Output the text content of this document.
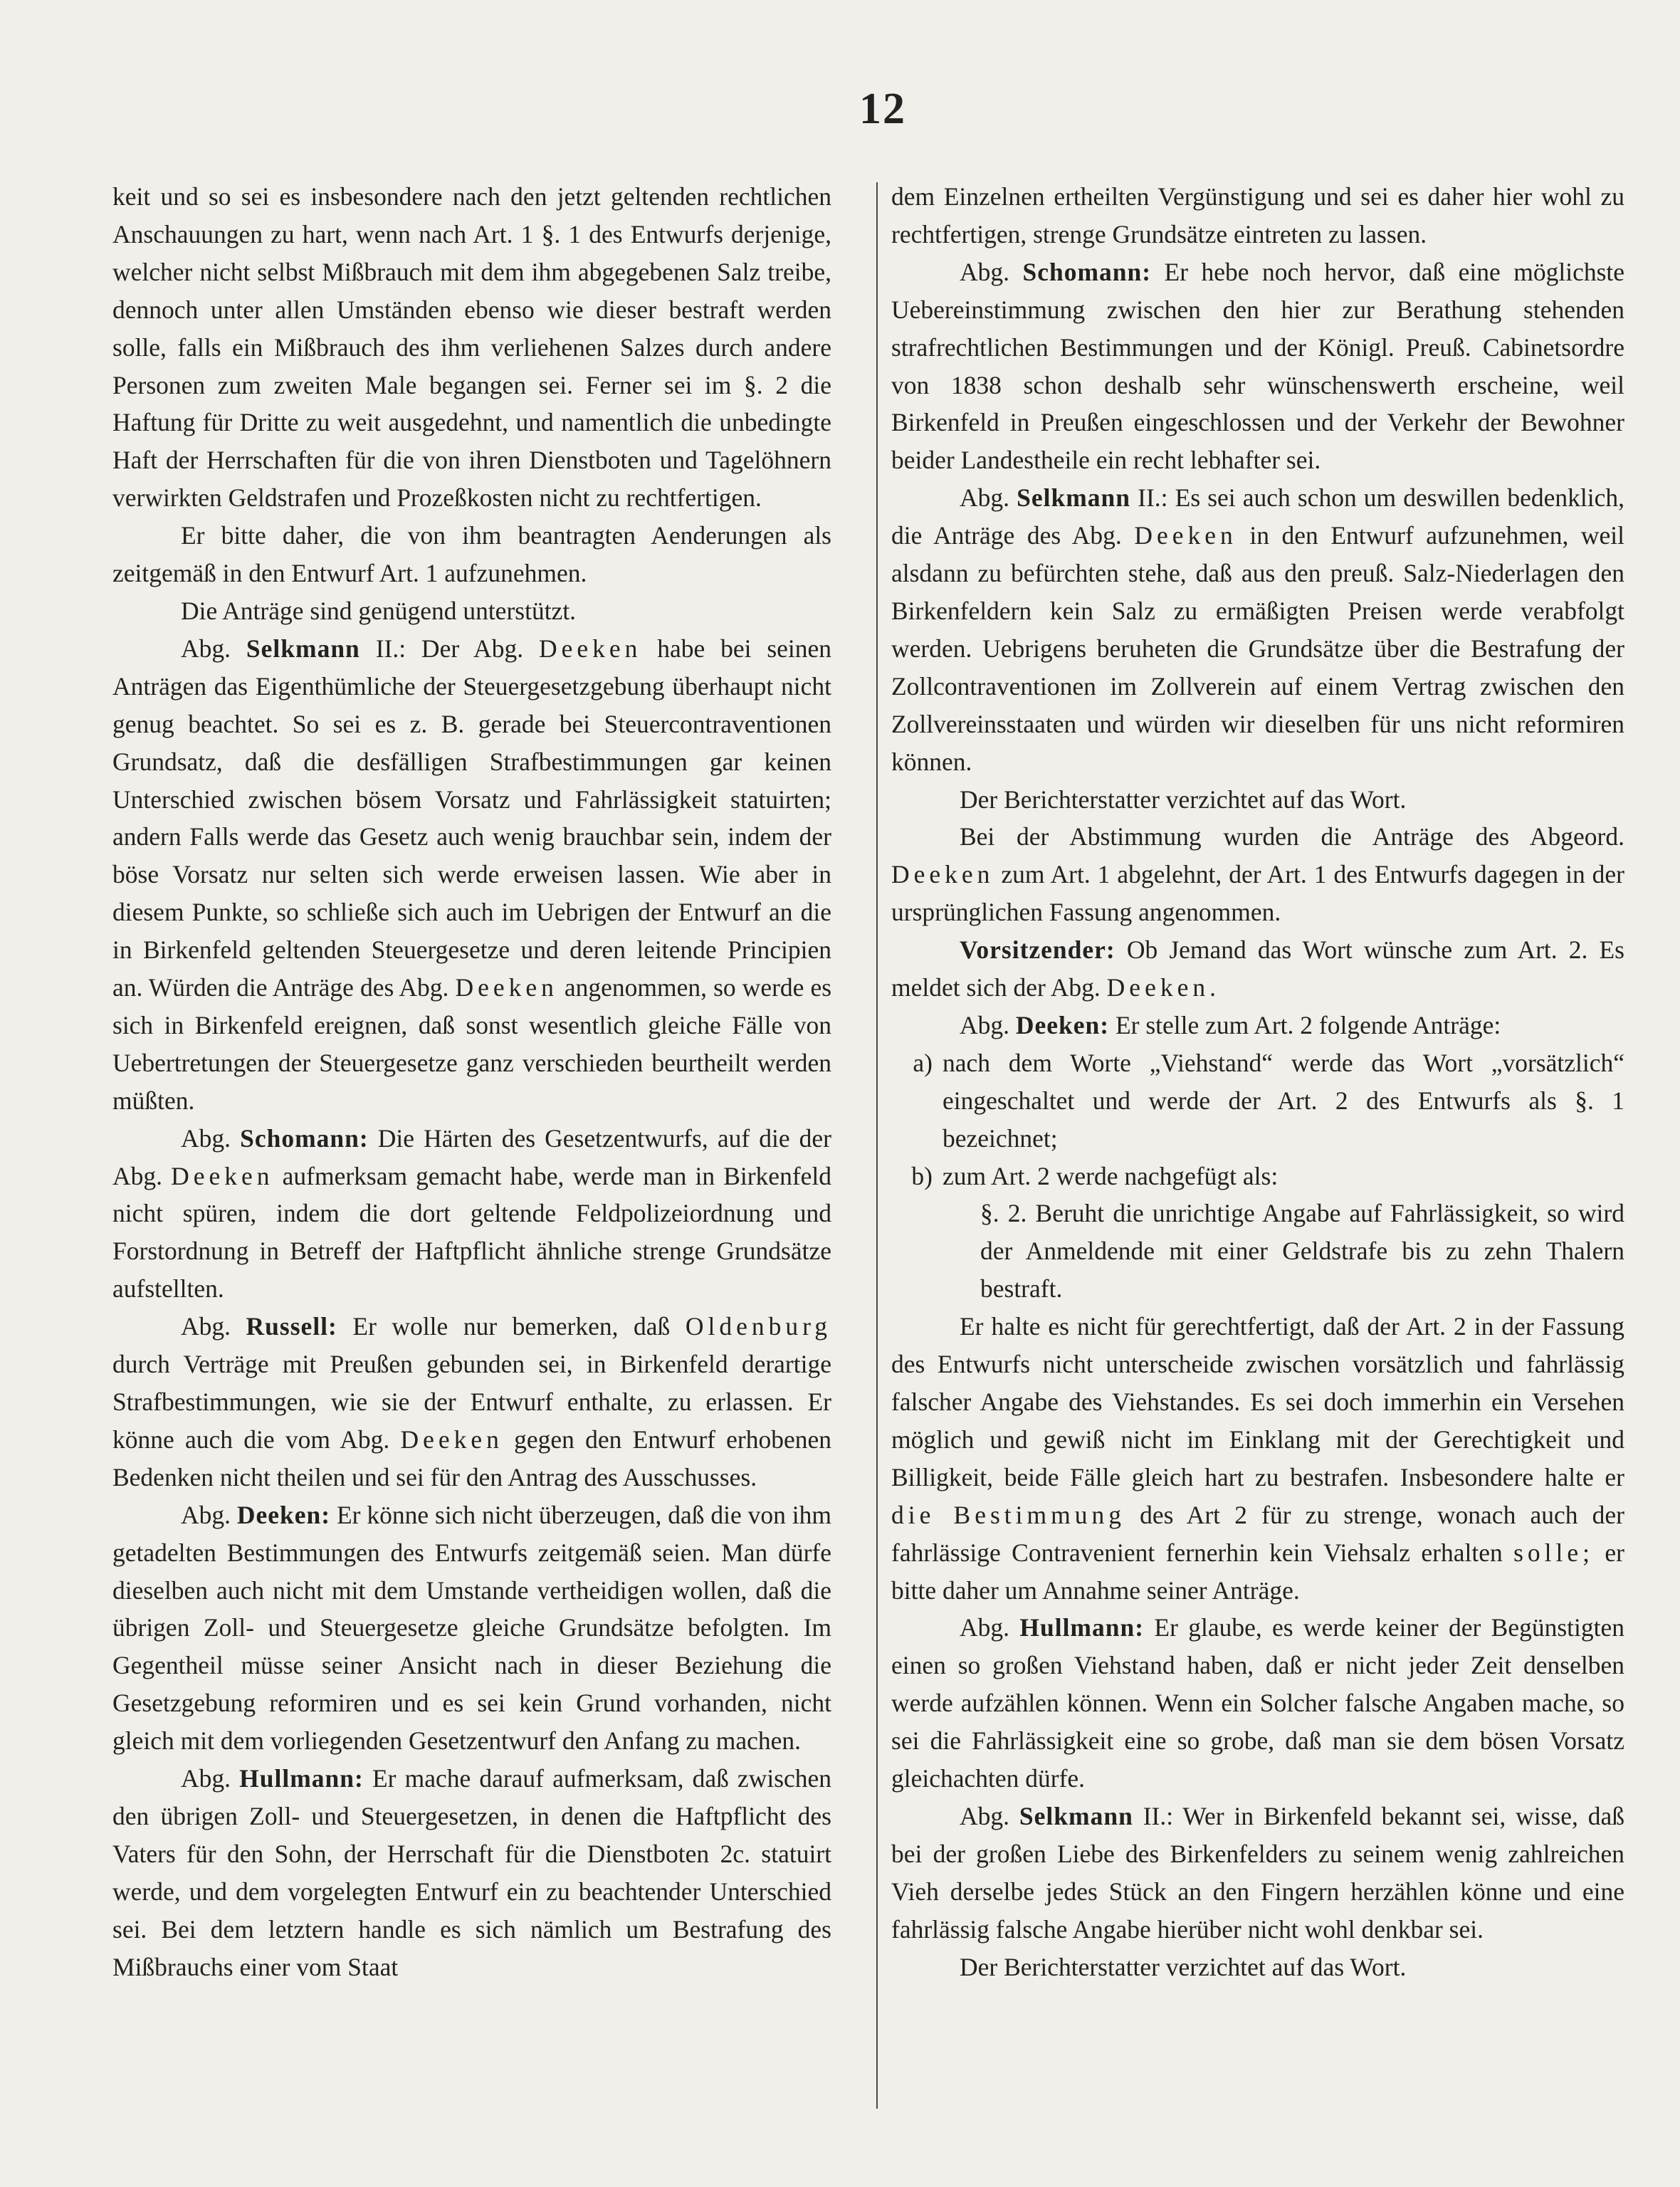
12

keit und so sei es insbesondere nach den jetzt geltenden rechtlichen Anschauungen zu hart, wenn nach Art. 1 §. 1 des Entwurfs derjenige, welcher nicht selbst Mißbrauch mit dem ihm abgegebenen Salz treibe, dennoch unter allen Umständen ebenso wie dieser bestraft werden solle, falls ein Mißbrauch des ihm verliehenen Salzes durch andere Personen zum zweiten Male begangen sei. Ferner sei im §. 2 die Haftung für Dritte zu weit ausgedehnt, und namentlich die unbedingte Haft der Herrschaften für die von ihren Dienstboten und Tagelöhnern verwirkten Geldstrafen und Prozeßkosten nicht zu rechtfertigen.

Er bitte daher, die von ihm beantragten Aenderungen als zeitgemäß in den Entwurf Art. 1 aufzunehmen.

Die Anträge sind genügend unterstützt.

Abg. Selkmann II.: Der Abg. Deeken habe bei seinen Anträgen das Eigenthümliche der Steuergesetzgebung überhaupt nicht genug beachtet. So sei es z. B. gerade bei Steuercontraventionen Grundsatz, daß die desfälligen Strafbestimmungen gar keinen Unterschied zwischen bösem Vorsatz und Fahrlässigkeit statuirten; andern Falls werde das Gesetz auch wenig brauchbar sein, indem der böse Vorsatz nur selten sich werde erweisen lassen. Wie aber in diesem Punkte, so schließe sich auch im Uebrigen der Entwurf an die in Birkenfeld geltenden Steuergesetze und deren leitende Principien an. Würden die Anträge des Abg. Deeken angenommen, so werde es sich in Birkenfeld ereignen, daß sonst wesentlich gleiche Fälle von Uebertretungen der Steuergesetze ganz verschieden beurtheilt werden müßten.

Abg. Schomann: Die Härten des Gesetzentwurfs, auf die der Abg. Deeken aufmerksam gemacht habe, werde man in Birkenfeld nicht spüren, indem die dort geltende Feldpolizeiordnung und Forstordnung in Betreff der Haftpflicht ähnliche strenge Grundsätze aufstellten.

Abg. Russell: Er wolle nur bemerken, daß Oldenburg durch Verträge mit Preußen gebunden sei, in Birkenfeld derartige Strafbestimmungen, wie sie der Entwurf enthalte, zu erlassen. Er könne auch die vom Abg. Deeken gegen den Entwurf erhobenen Bedenken nicht theilen und sei für den Antrag des Ausschusses.

Abg. Deeken: Er könne sich nicht überzeugen, daß die von ihm getadelten Bestimmungen des Entwurfs zeitgemäß seien. Man dürfe dieselben auch nicht mit dem Umstande vertheidigen wollen, daß die übrigen Zoll- und Steuergesetze gleiche Grundsätze befolgten. Im Gegentheil müsse seiner Ansicht nach in dieser Beziehung die Gesetzgebung reformiren und es sei kein Grund vorhanden, nicht gleich mit dem vorliegenden Gesetzentwurf den Anfang zu machen.

Abg. Hullmann: Er mache darauf aufmerksam, daß zwischen den übrigen Zoll- und Steuergesetzen, in denen die Haftpflicht des Vaters für den Sohn, der Herrschaft für die Dienstboten 2c. statuirt werde, und dem vorgelegten Entwurf ein zu beachtender Unterschied sei. Bei dem letztern handle es sich nämlich um Bestrafung des Mißbrauchs einer vom Staat

dem Einzelnen ertheilten Vergünstigung und sei es daher hier wohl zu rechtfertigen, strenge Grundsätze eintreten zu lassen.

Abg. Schomann: Er hebe noch hervor, daß eine möglichste Uebereinstimmung zwischen den hier zur Berathung stehenden strafrechtlichen Bestimmungen und der Königl. Preuß. Cabinetsordre von 1838 schon deshalb sehr wünschenswerth erscheine, weil Birkenfeld in Preußen eingeschlossen und der Verkehr der Bewohner beider Landestheile ein recht lebhafter sei.

Abg. Selkmann II.: Es sei auch schon um deswillen bedenklich, die Anträge des Abg. Deeken in den Entwurf aufzunehmen, weil alsdann zu befürchten stehe, daß aus den preuß. Salz-Niederlagen den Birkenfeldern kein Salz zu ermäßigten Preisen werde verabfolgt werden. Uebrigens beruheten die Grundsätze über die Bestrafung der Zollcontraventionen im Zollverein auf einem Vertrag zwischen den Zollvereinsstaaten und würden wir dieselben für uns nicht reformiren können.

Der Berichterstatter verzichtet auf das Wort.

Bei der Abstimmung wurden die Anträge des Abgeord. Deeken zum Art. 1 abgelehnt, der Art. 1 des Entwurfs dagegen in der ursprünglichen Fassung angenommen.

Vorsitzender: Ob Jemand das Wort wünsche zum Art. 2. Es meldet sich der Abg. Deeken.

Abg. Deeken: Er stelle zum Art. 2 folgende Anträge:

a) nach dem Worte „Viehstand“ werde das Wort „vorsätzlich“ eingeschaltet und werde der Art. 2 des Entwurfs als §. 1 bezeichnet;
b) zum Art. 2 werde nachgefügt als:

§. 2. Beruht die unrichtige Angabe auf Fahrlässigkeit, so wird der Anmeldende mit einer Geldstrafe bis zu zehn Thalern bestraft.

Er halte es nicht für gerechtfertigt, daß der Art. 2 in der Fassung des Entwurfs nicht unterscheide zwischen vorsätzlich und fahrlässig falscher Angabe des Viehstandes. Es sei doch immerhin ein Versehen möglich und gewiß nicht im Einklang mit der Gerechtigkeit und Billigkeit, beide Fälle gleich hart zu bestrafen. Insbesondere halte er die Bestimmung des Art 2 für zu strenge, wonach auch der fahrlässige Contravenient fernerhin kein Viehsalz erhalten solle; er bitte daher um Annahme seiner Anträge.

Abg. Hullmann: Er glaube, es werde keiner der Begünstigten einen so großen Viehstand haben, daß er nicht jeder Zeit denselben werde aufzählen können. Wenn ein Solcher falsche Angaben mache, so sei die Fahrlässigkeit eine so grobe, daß man sie dem bösen Vorsatz gleichachten dürfe.

Abg. Selkmann II.: Wer in Birkenfeld bekannt sei, wisse, daß bei der großen Liebe des Birkenfelders zu seinem wenig zahlreichen Vieh derselbe jedes Stück an den Fingern herzählen könne und eine fahrlässig falsche Angabe hierüber nicht wohl denkbar sei.

Der Berichterstatter verzichtet auf das Wort.
